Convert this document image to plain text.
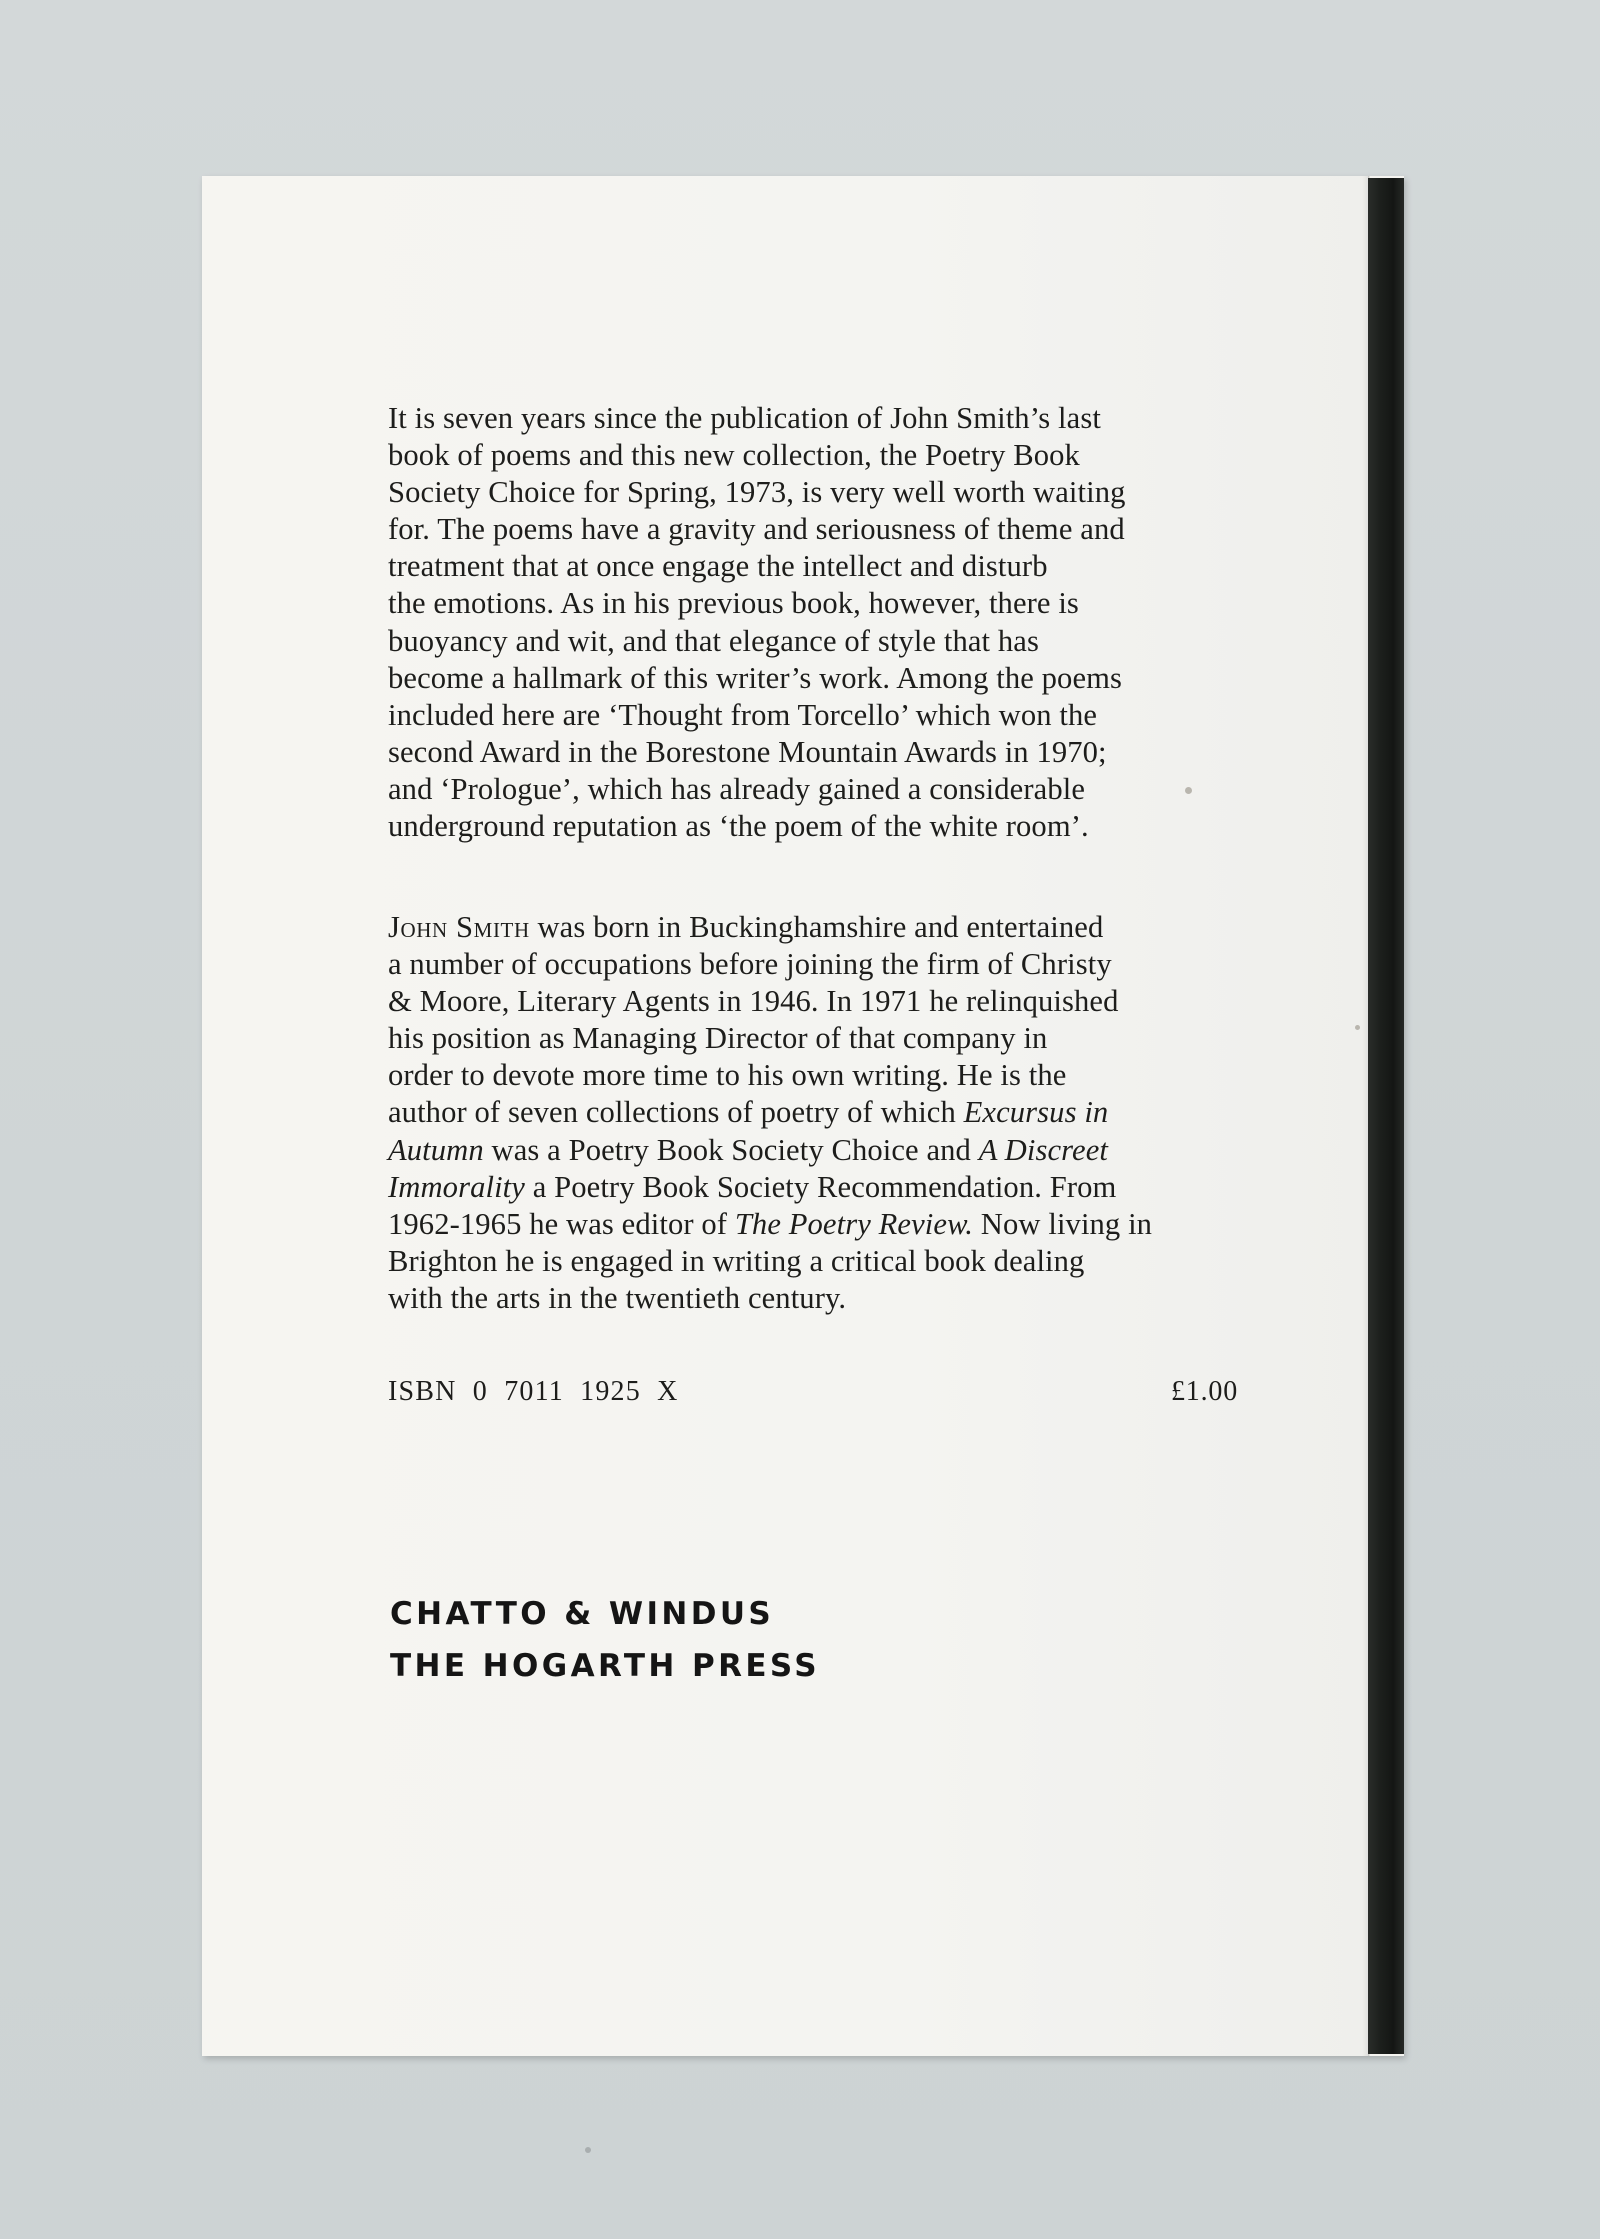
It is seven years since the publication of John Smith’s last
book of poems and this new collection, the Poetry Book
Society Choice for Spring, 1973, is very well worth waiting
for. The poems have a gravity and seriousness of theme and
treatment that at once engage the intellect and disturb
the emotions. As in his previous book, however, there is
buoyancy and wit, and that elegance of style that has
become a hallmark of this writer’s work. Among the poems
included here are ‘Thought from Torcello’ which won the
second Award in the Borestone Mountain Awards in 1970;
and ‘Prologue’, which has already gained a considerable
underground reputation as ‘the poem of the white room’.
John Smith was born in Buckinghamshire and entertained
a number of occupations before joining the firm of Christy
& Moore, Literary Agents in 1946. In 1971 he relinquished
his position as Managing Director of that company in
order to devote more time to his own writing. He is the
author of seven collections of poetry of which Excursus in
Autumn was a Poetry Book Society Choice and A Discreet
Immorality a Poetry Book Society Recommendation. From
1962-1965 he was editor of The Poetry Review. Now living in
Brighton he is engaged in writing a critical book dealing
with the arts in the twentieth century.
ISBN 0 7011 1925 X	£1.00
CHATTO & WINDUS
THE HOGARTH PRESS
